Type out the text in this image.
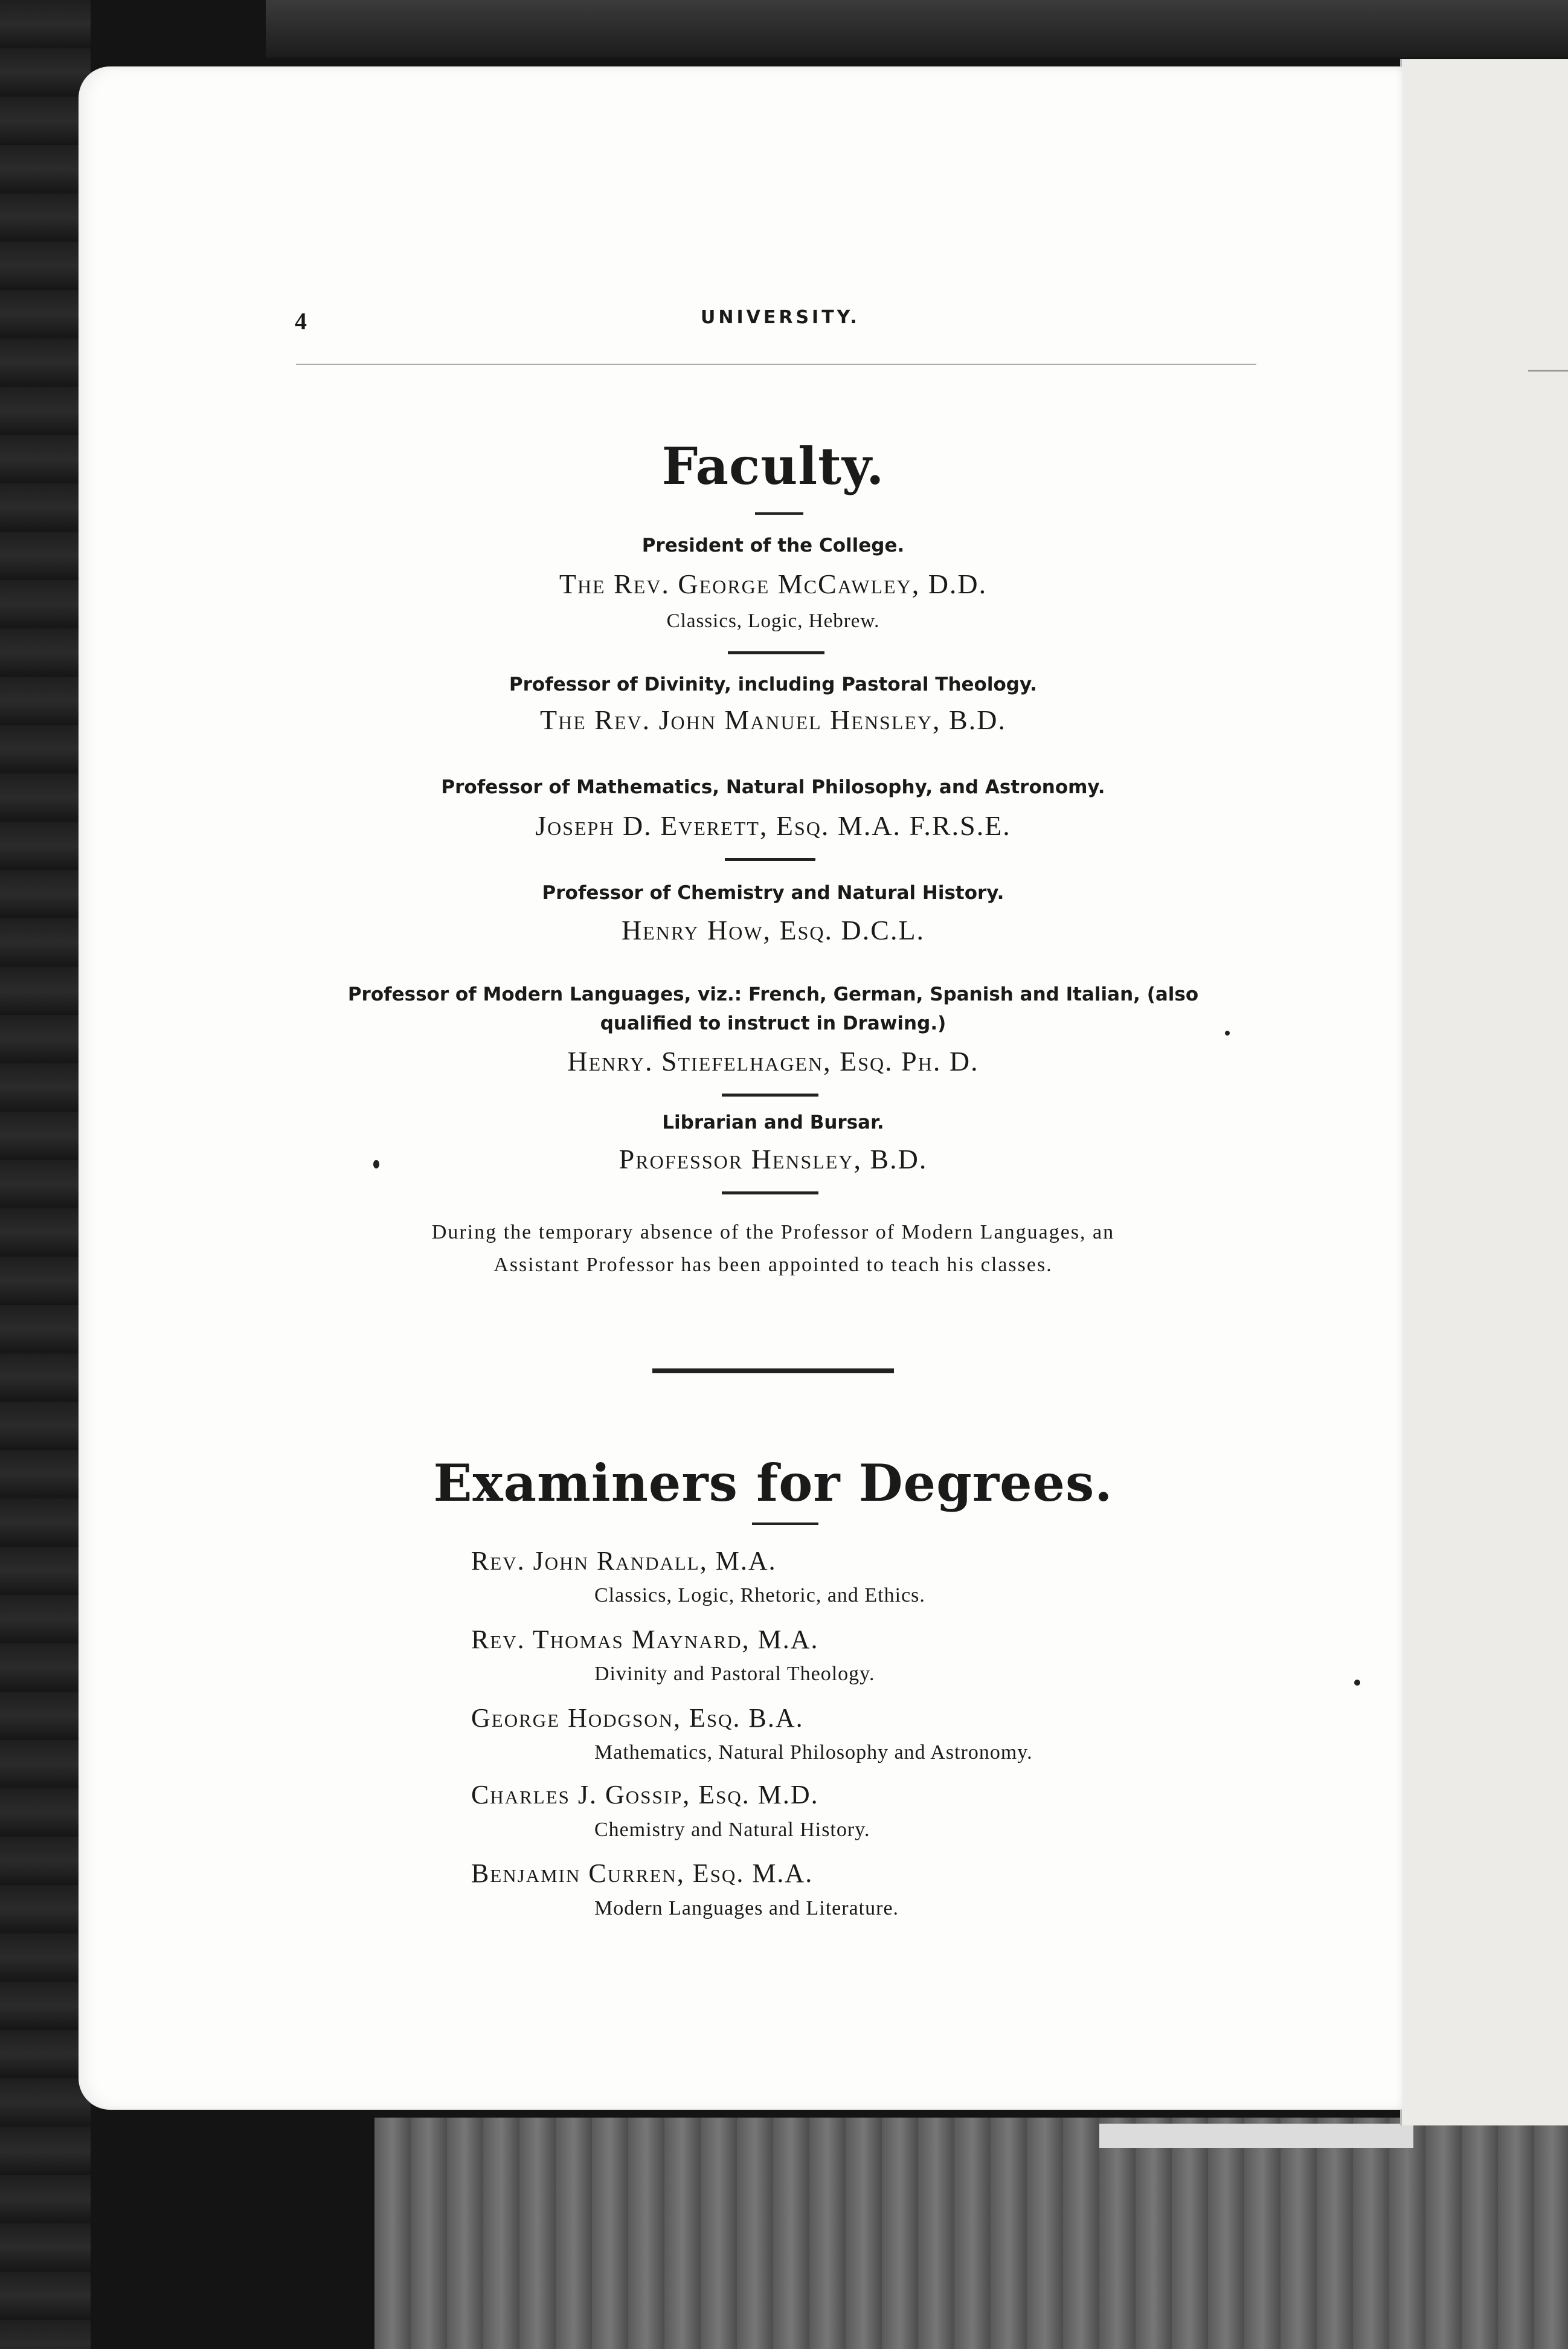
4	UNIVERSITY.
Faculty.
President of the College.
The Rev. George McCawley, D.D.
Classics, Logic, Hebrew.
Professor of Divinity, including Pastoral Theology.
The Rev. John Manuel Hensley, B.D.
Professor of Mathematics, Natural Philosophy, and Astronomy.
Joseph D. Everett, Esq. M.A. F.R.S.E.
Professor of Chemistry and Natural History.
Henry How, Esq. D.C.L.
Professor of Modern Languages, viz.: French, German, Spanish and Italian, (also
qualified to instruct in Drawing.)
Henry. Stiefelhagen, Esq. Ph. D.
Librarian and Bursar.
Professor Hensley, B.D.
During the temporary absence of the Professor of Modern Languages, an
Assistant Professor has been appointed to teach his classes.
Examiners for Degrees.
Rev. John Randall, M.A.
Classics, Logic, Rhetoric, and Ethics.
Rev. Thomas Maynard, M.A.
Divinity and Pastoral Theology.
George Hodgson, Esq. B.A.
Mathematics, Natural Philosophy and Astronomy.
Charles J. Gossip, Esq. M.D.
Chemistry and Natural History.
Benjamin Curren, Esq. M.A.
Modern Languages and Literature.
